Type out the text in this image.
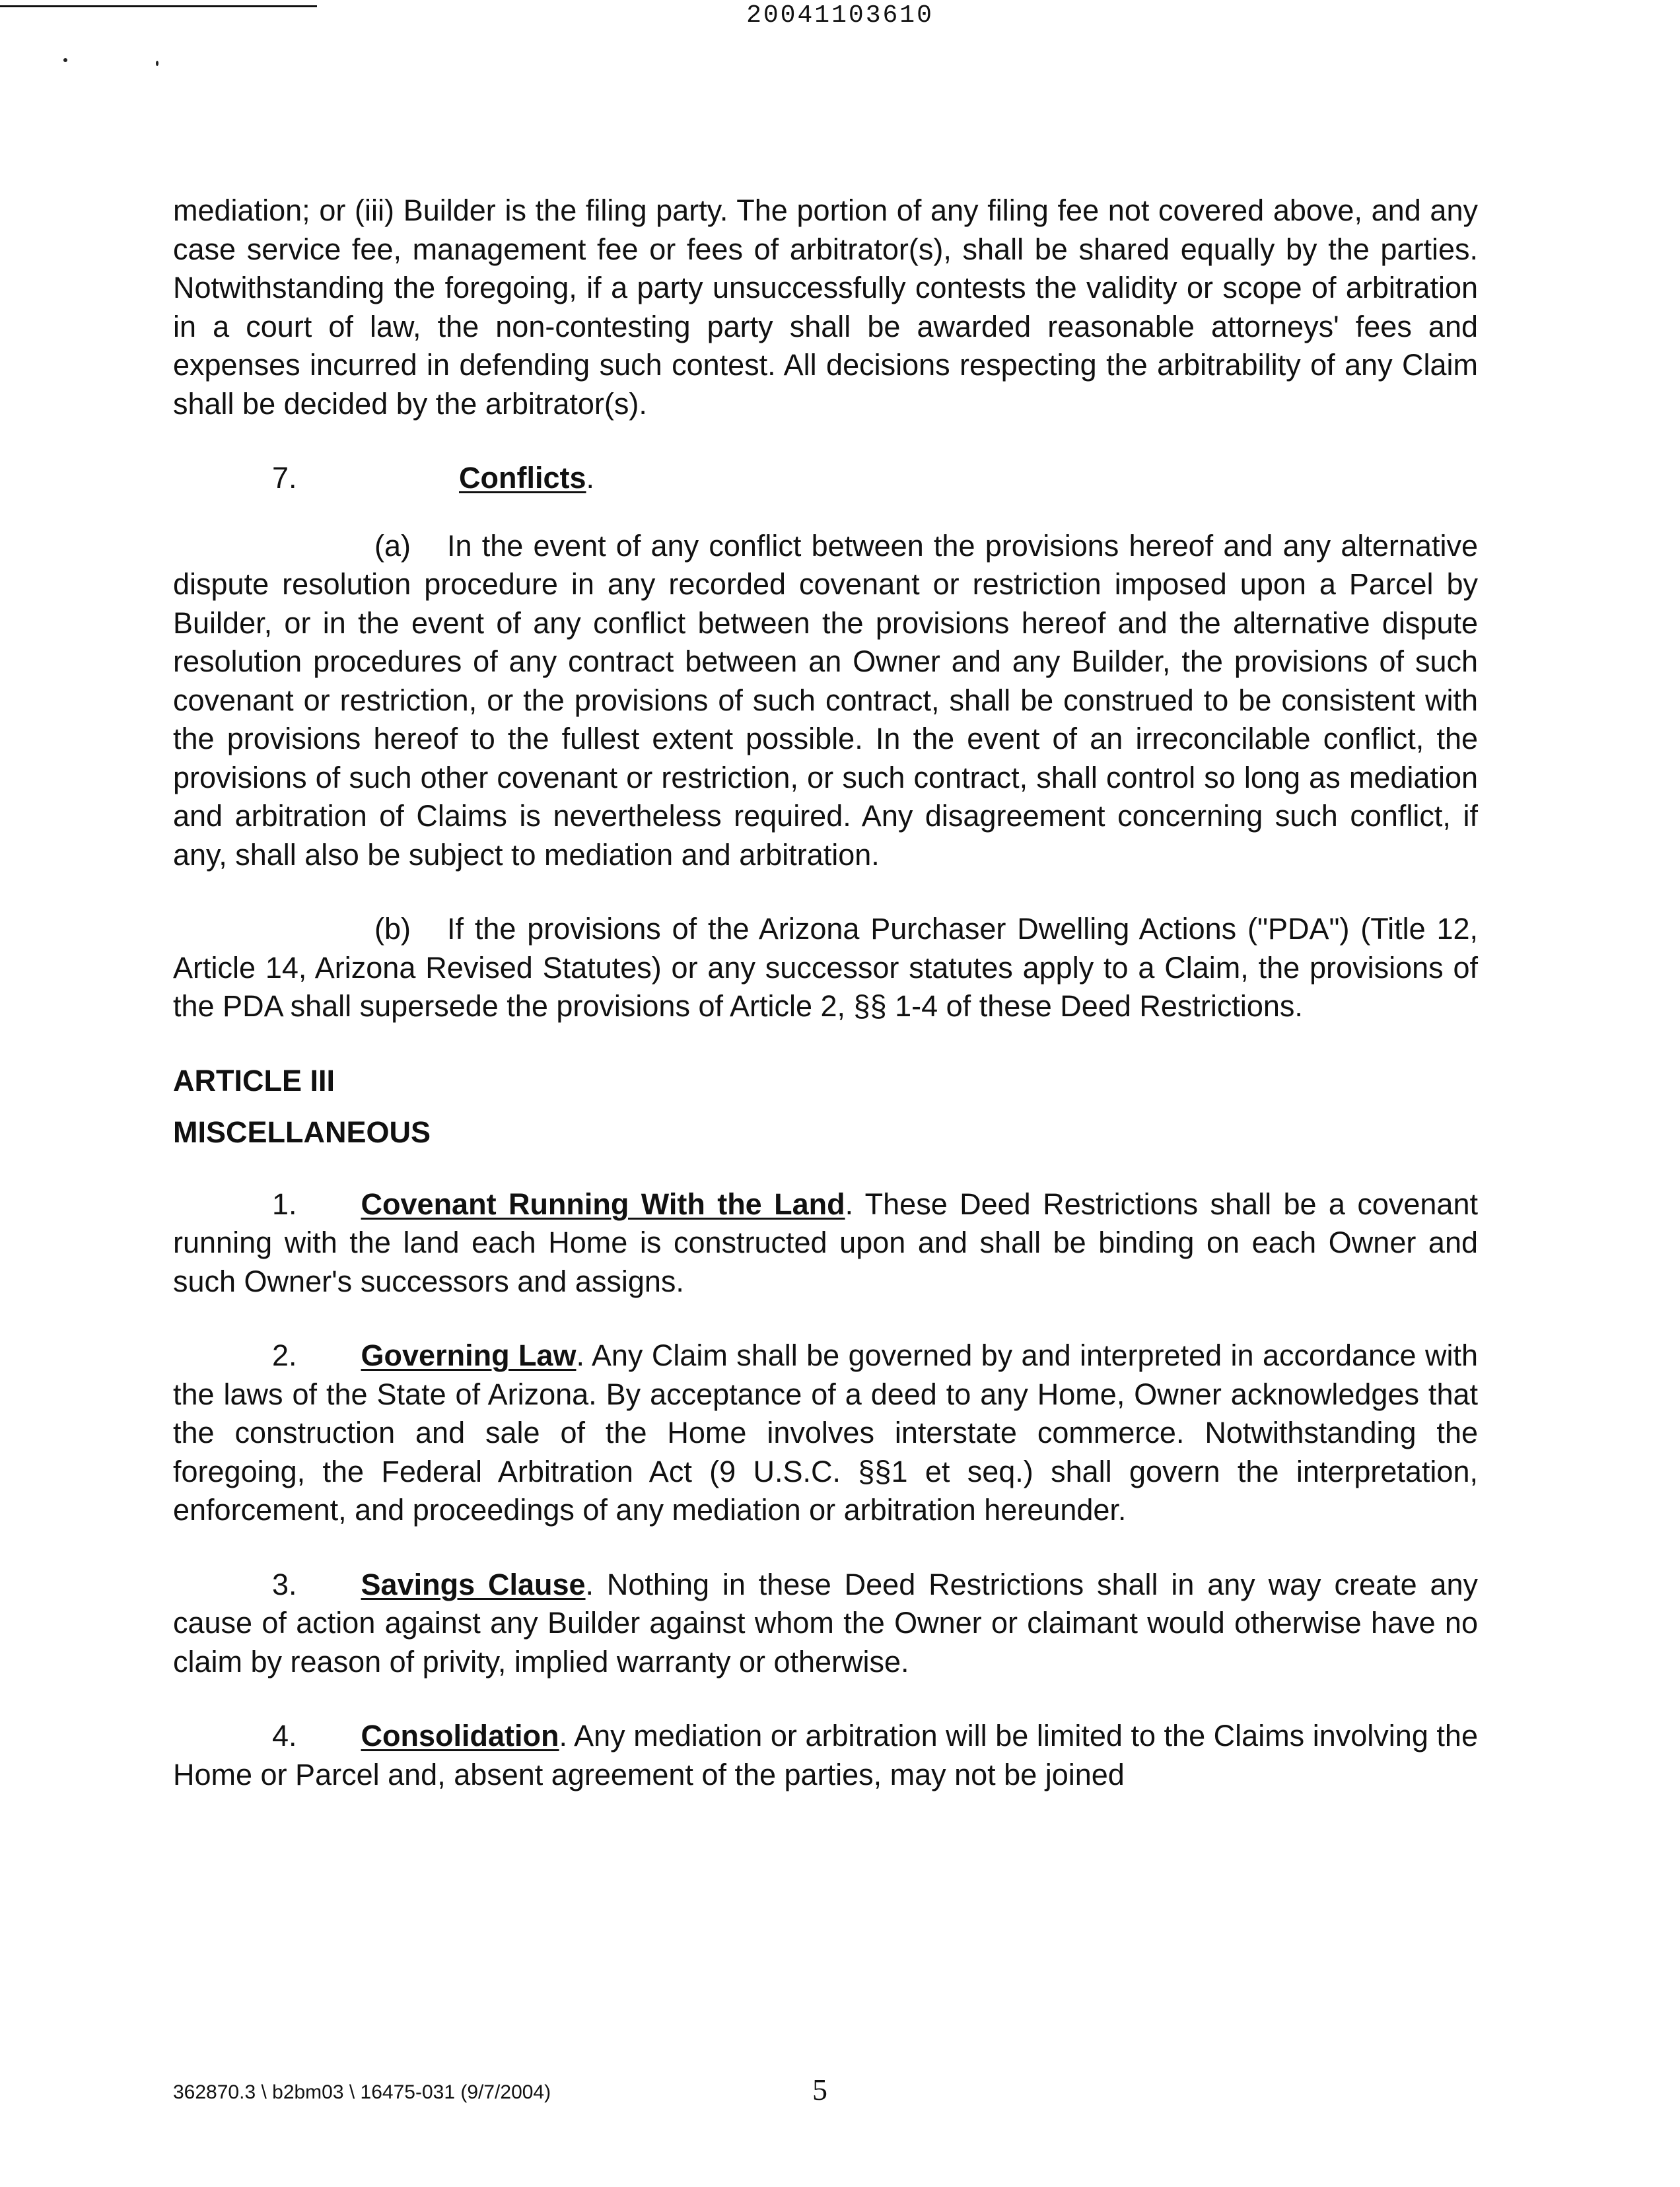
20041103610

mediation; or (iii) Builder is the filing party. The portion of any filing fee not covered above, and any case service fee, management fee or fees of arbitrator(s), shall be shared equally by the parties. Notwithstanding the foregoing, if a party unsuccessfully contests the validity or scope of arbitration in a court of law, the non-contesting party shall be awarded reasonable attorneys' fees and expenses incurred in defending such contest. All decisions respecting the arbitrability of any Claim shall be decided by the arbitrator(s).

7.	Conflicts.

(a) In the event of any conflict between the provisions hereof and any alternative dispute resolution procedure in any recorded covenant or restriction imposed upon a Parcel by Builder, or in the event of any conflict between the provisions hereof and the alternative dispute resolution procedures of any contract between an Owner and any Builder, the provisions of such covenant or restriction, or the provisions of such contract, shall be construed to be consistent with the provisions hereof to the fullest extent possible. In the event of an irreconcilable conflict, the provisions of such other covenant or restriction, or such contract, shall control so long as mediation and arbitration of Claims is nevertheless required. Any disagreement concerning such conflict, if any, shall also be subject to mediation and arbitration.

(b) If the provisions of the Arizona Purchaser Dwelling Actions ("PDA") (Title 12, Article 14, Arizona Revised Statutes) or any successor statutes apply to a Claim, the provisions of the PDA shall supersede the provisions of Article 2, §§ 1-4 of these Deed Restrictions.

ARTICLE III

MISCELLANEOUS

1. Covenant Running With the Land. These Deed Restrictions shall be a covenant running with the land each Home is constructed upon and shall be binding on each Owner and such Owner's successors and assigns.

2. Governing Law. Any Claim shall be governed by and interpreted in accordance with the laws of the State of Arizona. By acceptance of a deed to any Home, Owner acknowledges that the construction and sale of the Home involves interstate commerce. Notwithstanding the foregoing, the Federal Arbitration Act (9 U.S.C. §§1 et seq.) shall govern the interpretation, enforcement, and proceedings of any mediation or arbitration hereunder.

3. Savings Clause. Nothing in these Deed Restrictions shall in any way create any cause of action against any Builder against whom the Owner or claimant would otherwise have no claim by reason of privity, implied warranty or otherwise.

4. Consolidation. Any mediation or arbitration will be limited to the Claims involving the Home or Parcel and, absent agreement of the parties, may not be joined

362870.3 \ b2bm03 \ 16475-031 (9/7/2004)	5
